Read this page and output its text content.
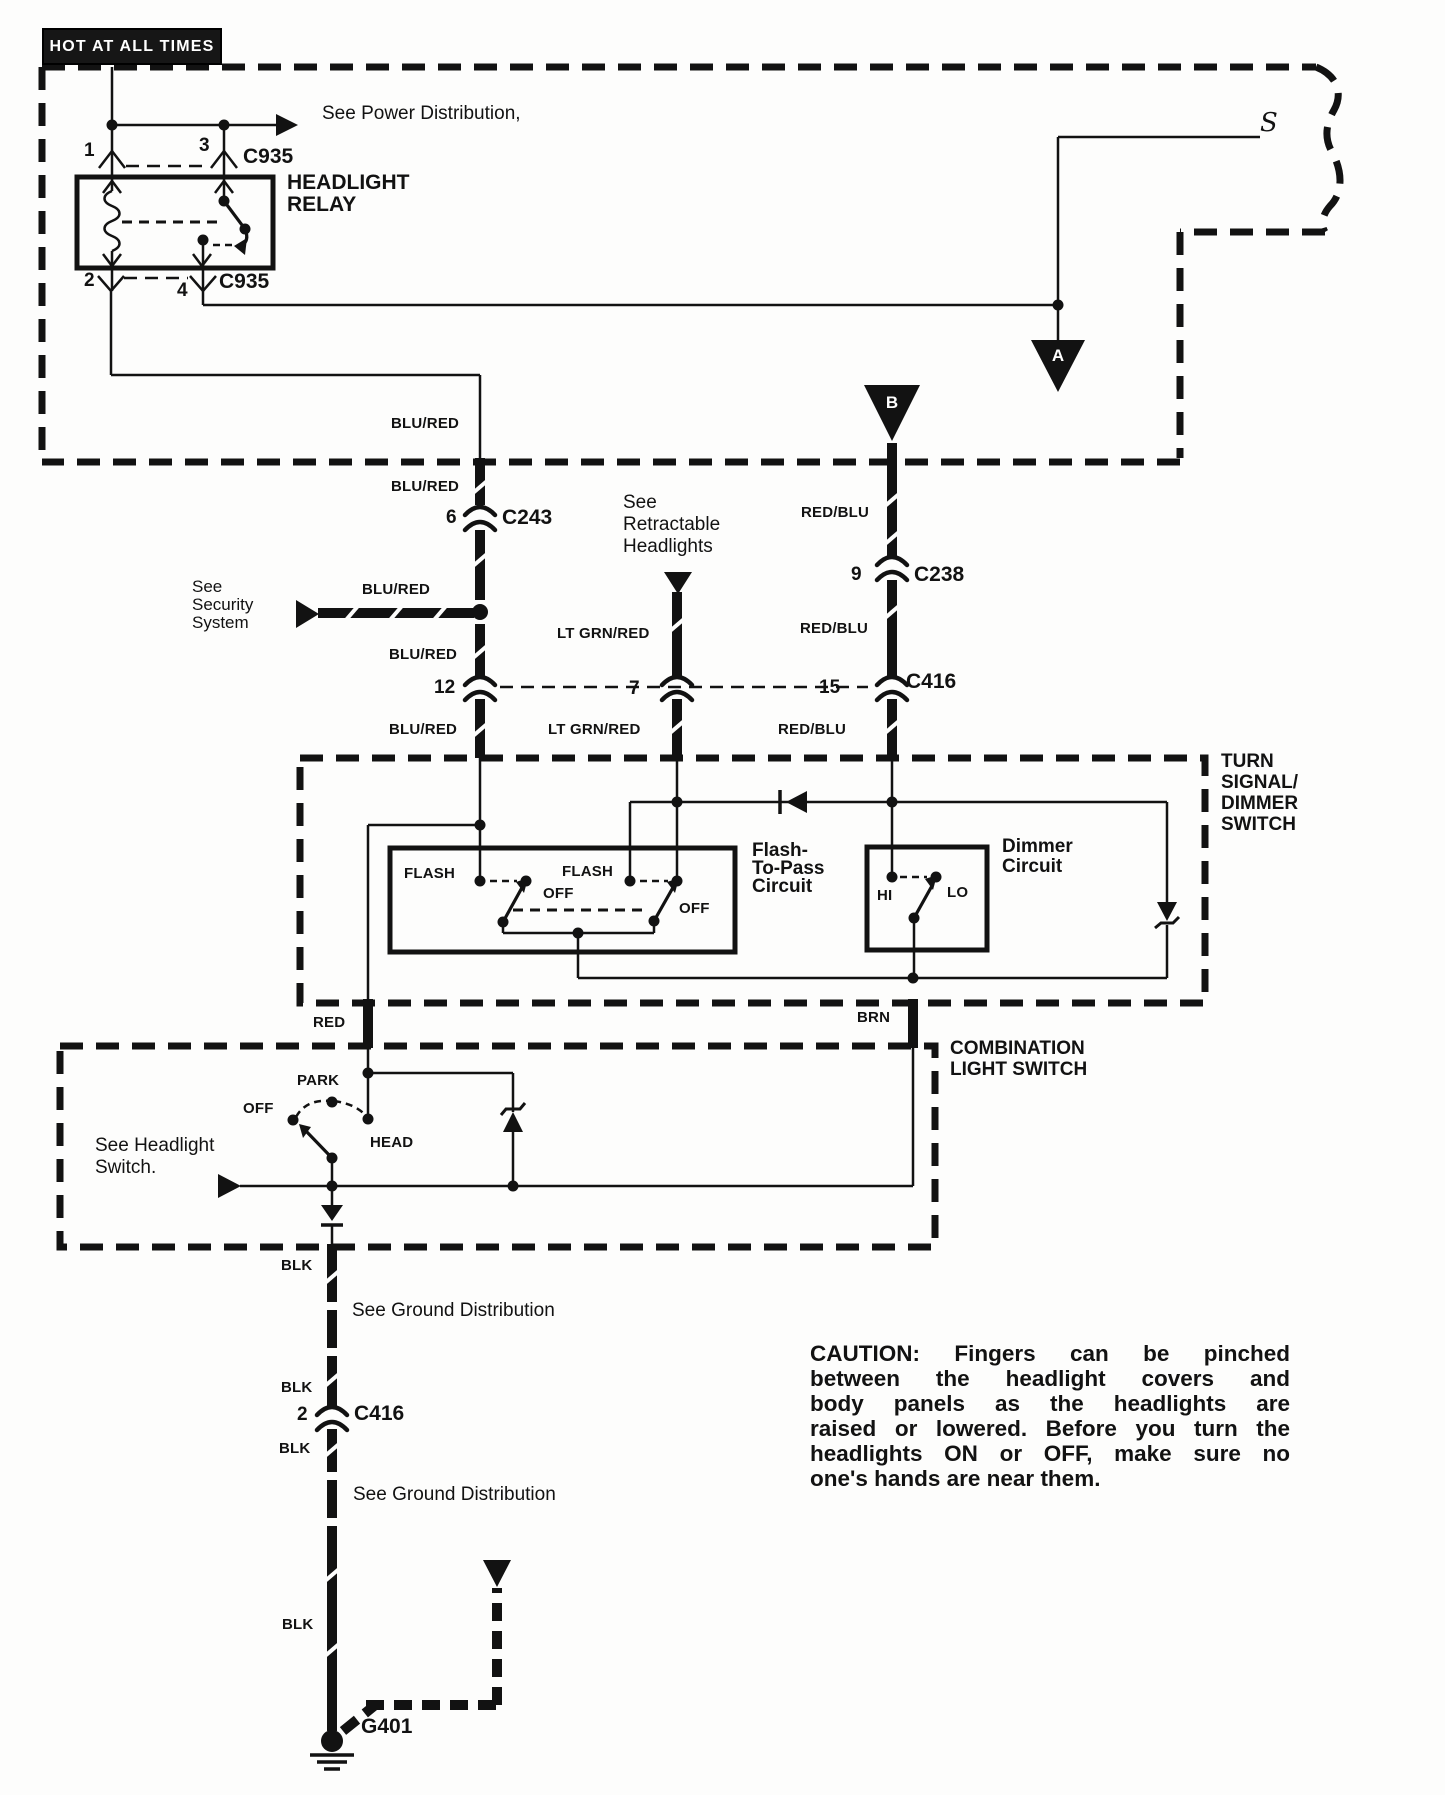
HOT AT ALL TIMES
See Power Distribution,	S
1	3 C935
HEADLIGHT
RELAY
2	4 C935
A
B
BLU/RED
BLU/RED
BLU/RED
BLU/RED
BLU/RED
LT GRN/RED
LT GRN/RED
RED/BLU
RED/BLU
RED/BLU
RED	BRN
BLK
BLK
BLK
BLK
6 C243
9 C238
12	7	15	C416
2 C416
See
Security
System
See
Retractable
Headlights
See Headlight
Switch.
See Ground Distribution
See Ground Distribution
TURN
SIGNAL/
DIMMER
SWITCH
FLASH
OFF
FLASH
OFF
Flash-
To-Pass
Circuit	HI	LO
Dimmer
Circuit
COMBINATION
LIGHT SWITCH
PARK
OFF
HEAD
G401
CAUTION: Fingers can be pinched
between the headlight covers and
body panels as the headlights are
raised or lowered. Before you turn the
headlights ON or OFF, make sure no
one's hands are near them.
